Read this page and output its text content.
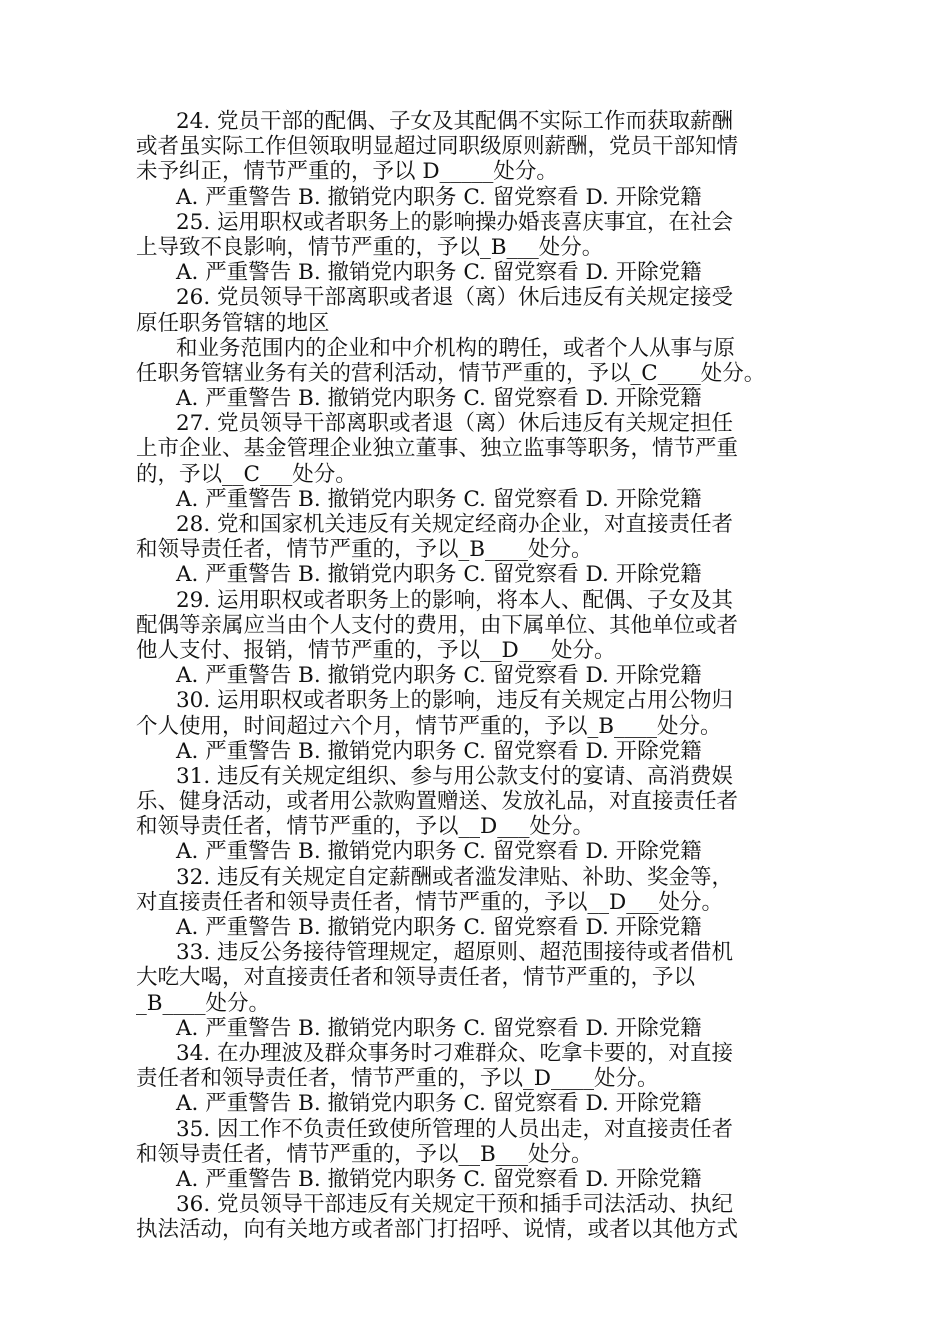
24. 党员干部的配偶、子女及其配偶不实际工作而获取薪酬
或者虽实际工作但领取明显超过同职级原则薪酬，党员干部知情
未予纠正，情节严重的，予以 D_____处分。
A. 严重警告 B. 撤销党内职务 C. 留党察看 D. 开除党籍
25. 运用职权或者职务上的影响操办婚丧喜庆事宜，在社会
上导致不良影响，情节严重的，予以_B___处分。
A. 严重警告 B. 撤销党内职务 C. 留党察看 D. 开除党籍
26. 党员领导干部离职或者退（离）休后违反有关规定接受
原任职务管辖的地区
和业务范围内的企业和中介机构的聘任，或者个人从事与原
任职务管辖业务有关的营利活动，情节严重的，予以_C____处分。
A. 严重警告 B. 撤销党内职务 C. 留党察看 D. 开除党籍
27. 党员领导干部离职或者退（离）休后违反有关规定担任
上市企业、基金管理企业独立董事、独立监事等职务，情节严重
的，予以__C___处分。
A. 严重警告 B. 撤销党内职务 C. 留党察看 D. 开除党籍
28. 党和国家机关违反有关规定经商办企业，对直接责任者
和领导责任者，情节严重的，予以_B____处分。
A. 严重警告 B. 撤销党内职务 C. 留党察看 D. 开除党籍
29. 运用职权或者职务上的影响，将本人、配偶、子女及其
配偶等亲属应当由个人支付的费用，由下属单位、其他单位或者
他人支付、报销，情节严重的，予以__D___处分。
A. 严重警告 B. 撤销党内职务 C. 留党察看 D. 开除党籍
30. 运用职权或者职务上的影响，违反有关规定占用公物归
个人使用，时间超过六个月，情节严重的，予以_B____处分。
A. 严重警告 B. 撤销党内职务 C. 留党察看 D. 开除党籍
31. 违反有关规定组织、参与用公款支付的宴请、高消费娱
乐、健身活动，或者用公款购置赠送、发放礼品，对直接责任者
和领导责任者，情节严重的，予以__D___处分。
A. 严重警告 B. 撤销党内职务 C. 留党察看 D. 开除党籍
32. 违反有关规定自定薪酬或者滥发津贴、补助、奖金等，
对直接责任者和领导责任者，情节严重的，予以__D___处分。
A. 严重警告 B. 撤销党内职务 C. 留党察看 D. 开除党籍
33. 违反公务接待管理规定，超原则、超范围接待或者借机
大吃大喝，对直接责任者和领导责任者，情节严重的，予以
_B____处分。
A. 严重警告 B. 撤销党内职务 C. 留党察看 D. 开除党籍
34. 在办理波及群众事务时刁难群众、吃拿卡要的，对直接
责任者和领导责任者，情节严重的，予以_D____处分。
A. 严重警告 B. 撤销党内职务 C. 留党察看 D. 开除党籍
35. 因工作不负责任致使所管理的人员出走，对直接责任者
和领导责任者，情节严重的，予以__B___处分。
A. 严重警告 B. 撤销党内职务 C. 留党察看 D. 开除党籍
36. 党员领导干部违反有关规定干预和插手司法活动、执纪
执法活动，向有关地方或者部门打招呼、说情，或者以其他方式
